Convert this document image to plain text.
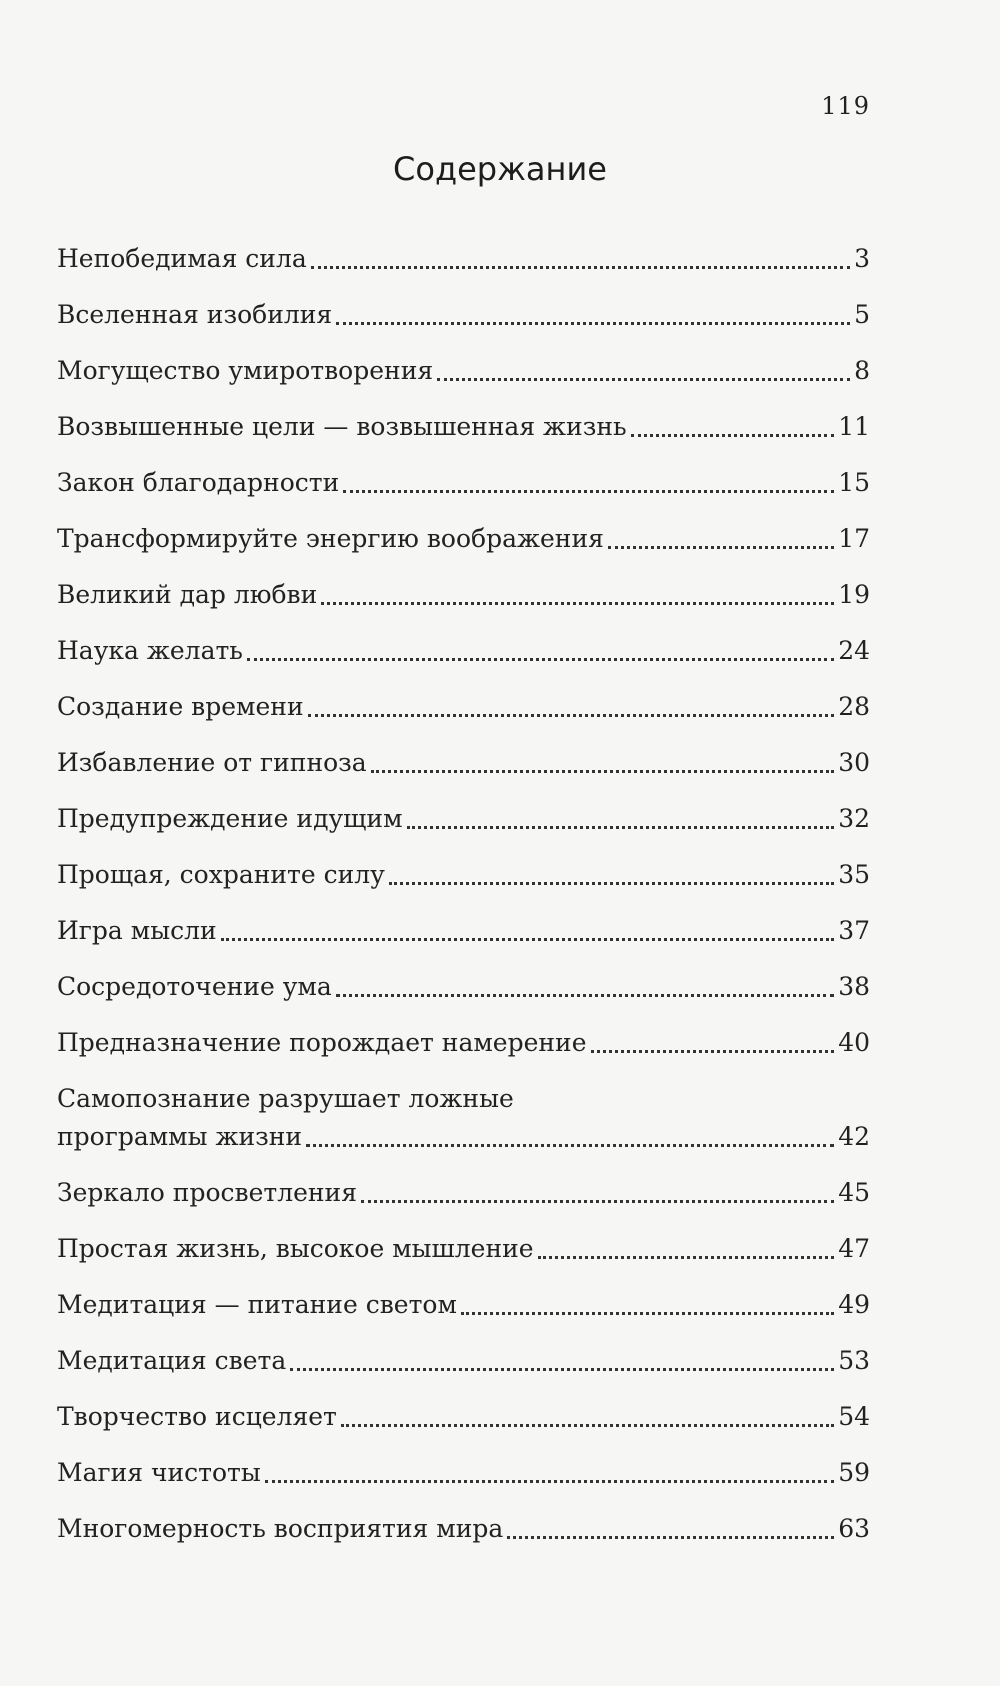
119
Содержание
Непобедимая сила	3
Вселенная изобилия	5
Могущество умиротворения	8
Возвышенные цели — возвышенная жизнь	11
Закон благодарности	15
Трансформируйте энергию воображения	17
Великий дар любви	19
Наука желать	24
Создание времени	28
Избавление от гипноза	30
Предупреждение идущим	32
Прощая, сохраните силу	35
Игра мысли	37
Сосредоточение ума	38
Предназначение порождает намерение	40
Самопознание разрушает ложные
программы жизни	42
Зеркало просветления	45
Простая жизнь, высокое мышление	47
Медитация — питание светом	49
Медитация света	53
Творчество исцеляет	54
Магия чистоты	59
Многомерность восприятия мира	63
